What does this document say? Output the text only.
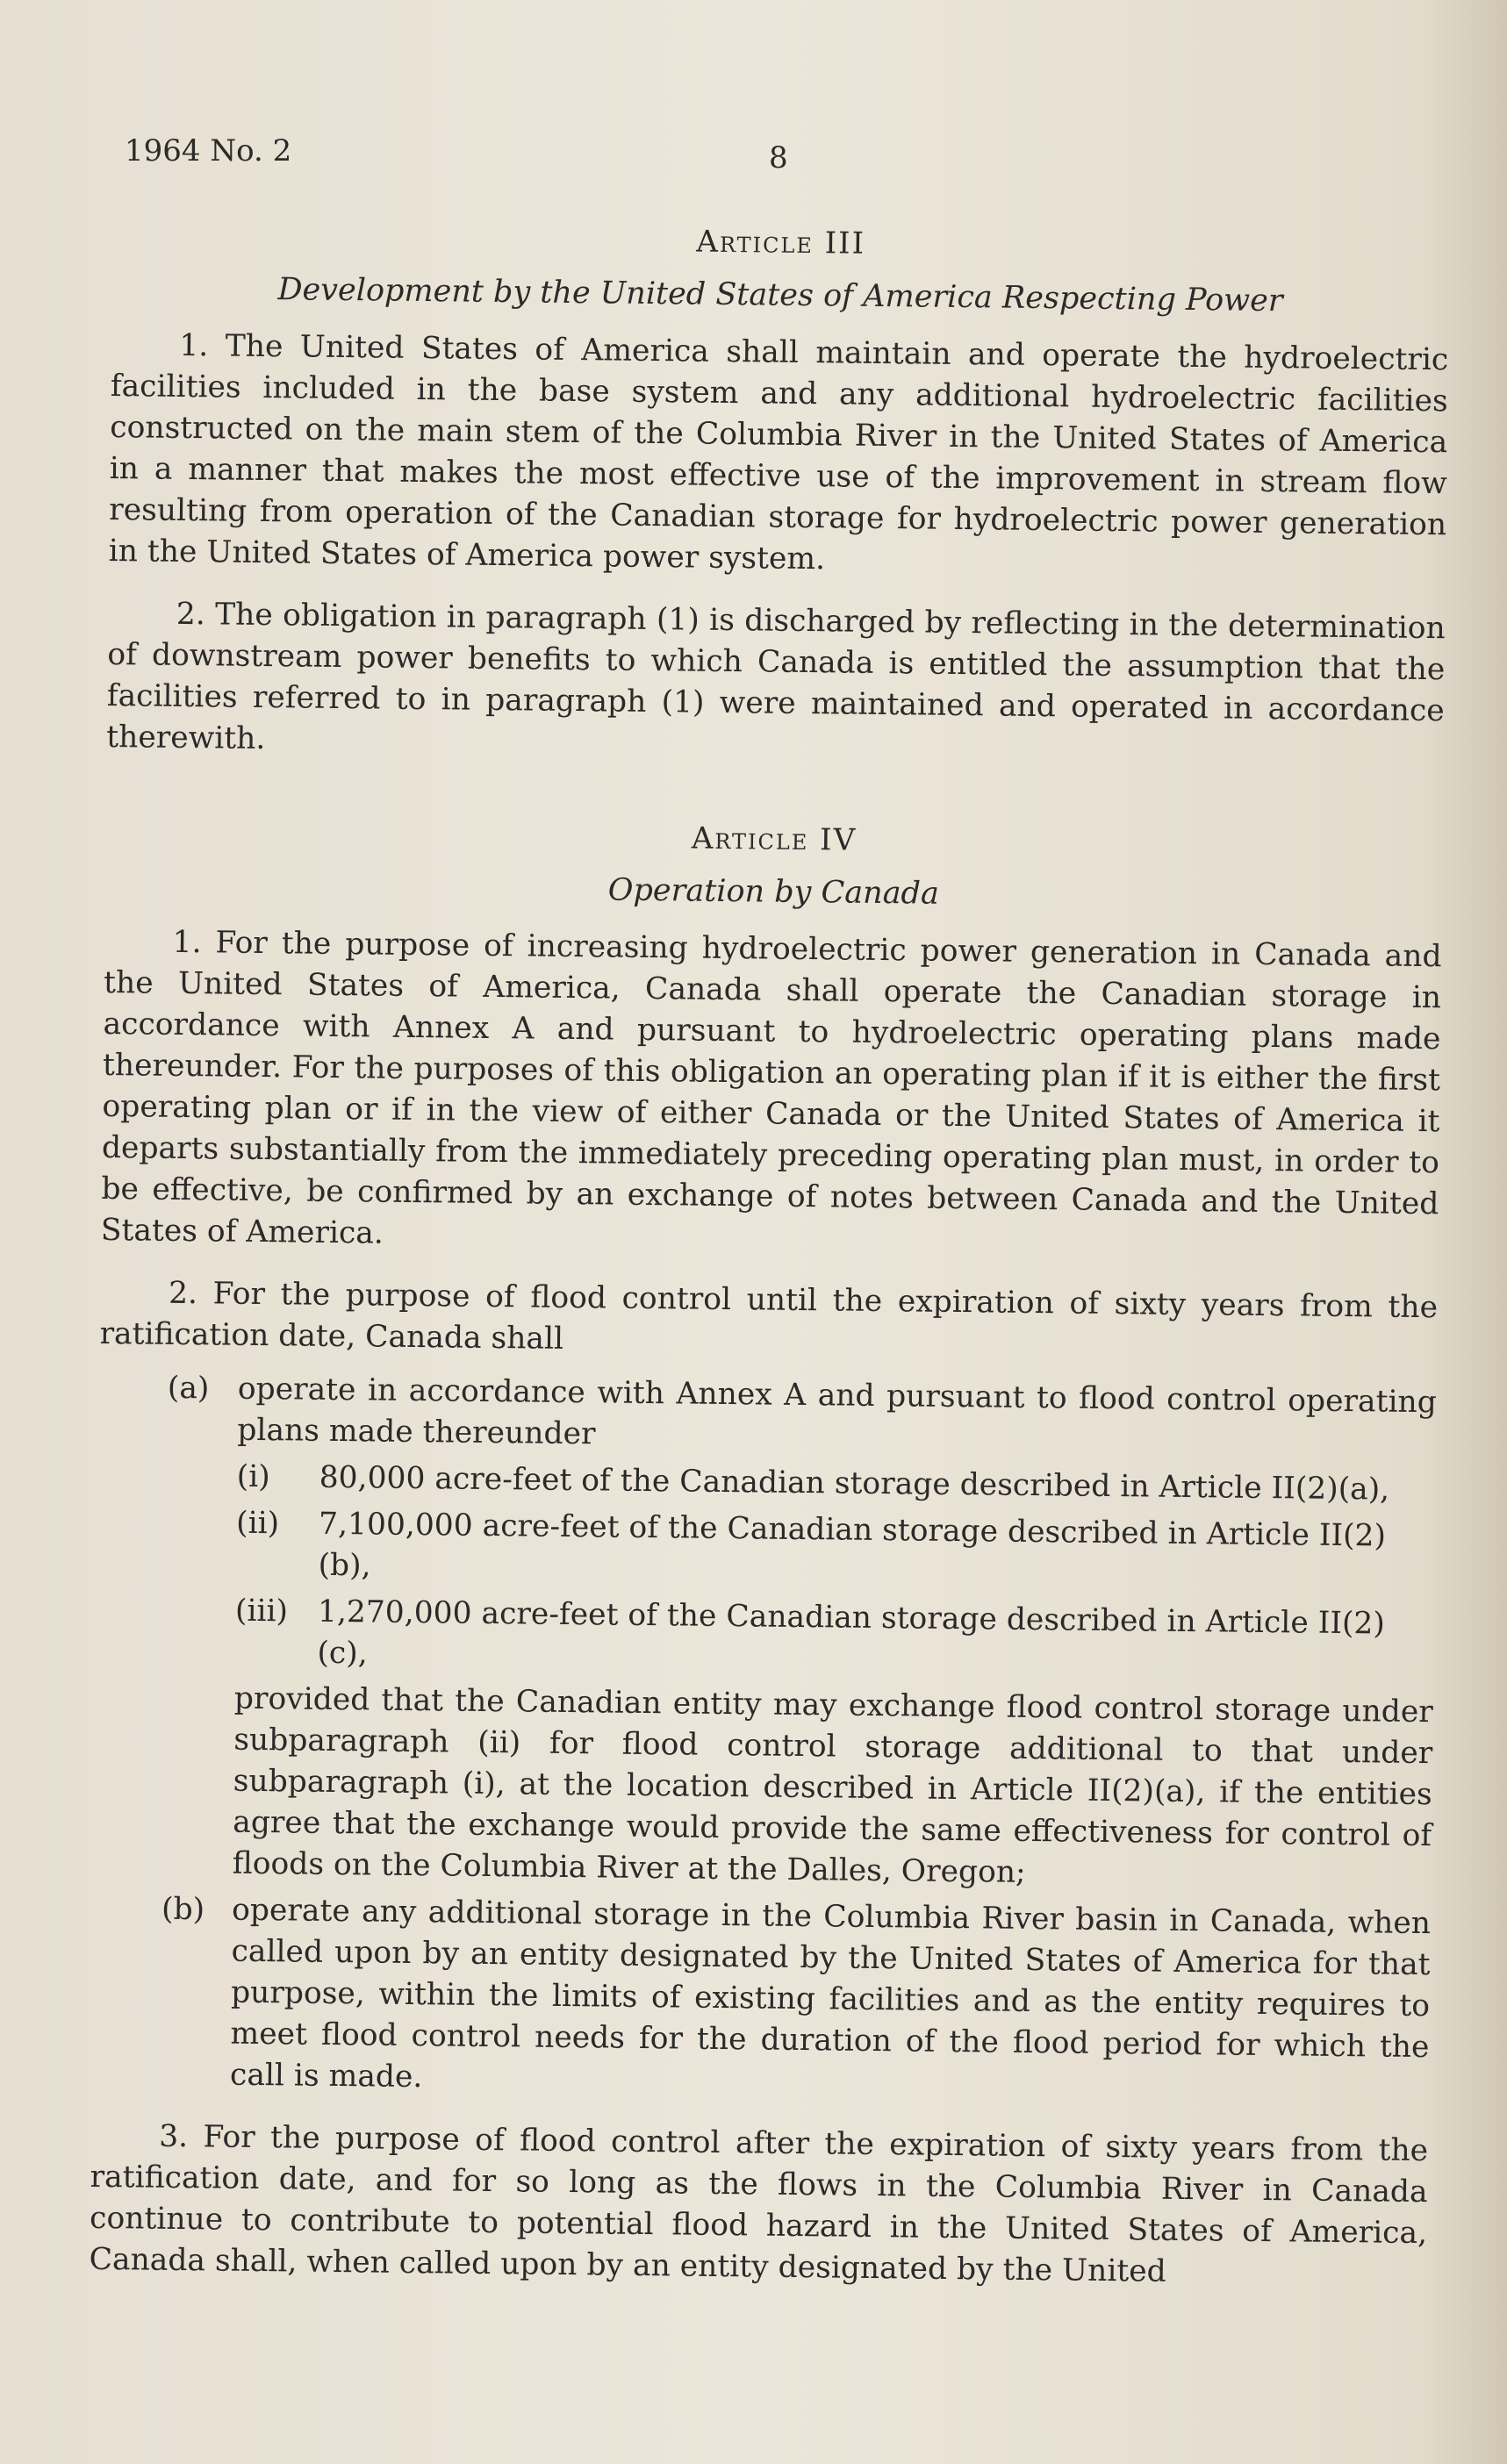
1964 No. 2	8
Article III
Development by the United States of America Respecting Power

1. The United States of America shall maintain and operate the hydroelectric facilities included in the base system and any additional hydroelectric facilities constructed on the main stem of the Columbia River in the United States of America in a manner that makes the most effective use of the improvement in stream flow resulting from operation of the Canadian storage for hydroelectric power generation in the United States of America power system.

2. The obligation in paragraph (1) is discharged by reflecting in the determination of downstream power benefits to which Canada is entitled the assumption that the facilities referred to in paragraph (1) were maintained and operated in accordance therewith.

Article IV
Operation by Canada

1. For the purpose of increasing hydroelectric power generation in Canada and the United States of America, Canada shall operate the Canadian storage in accordance with Annex A and pursuant to hydroelectric operating plans made thereunder. For the purposes of this obligation an operating plan if it is either the first operating plan or if in the view of either Canada or the United States of America it departs substantially from the immediately preceding operating plan must, in order to be effective, be confirmed by an exchange of notes between Canada and the United States of America.

2. For the purpose of flood control until the expiration of sixty years from the ratification date, Canada shall

(a) operate in accordance with Annex A and pursuant to flood control operating plans made thereunder
(i) 80,000 acre-feet of the Canadian storage described in Article II(2)(a),
(ii) 7,100,000 acre-feet of the Canadian storage described in Article II(2)(b),
(iii) 1,270,000 acre-feet of the Canadian storage described in Article II(2)(c),
provided that the Canadian entity may exchange flood control storage under subparagraph (ii) for flood control storage additional to that under subparagraph (i), at the location described in Article II(2)(a), if the entities agree that the exchange would provide the same effectiveness for control of floods on the Columbia River at the Dalles, Oregon;
(b) operate any additional storage in the Columbia River basin in Canada, when called upon by an entity designated by the United States of America for that purpose, within the limits of existing facilities and as the entity requires to meet flood control needs for the duration of the flood period for which the call is made.

3. For the purpose of flood control after the expiration of sixty years from the ratification date, and for so long as the flows in the Columbia River in Canada continue to contribute to potential flood hazard in the United States of America, Canada shall, when called upon by an entity designated by the United
